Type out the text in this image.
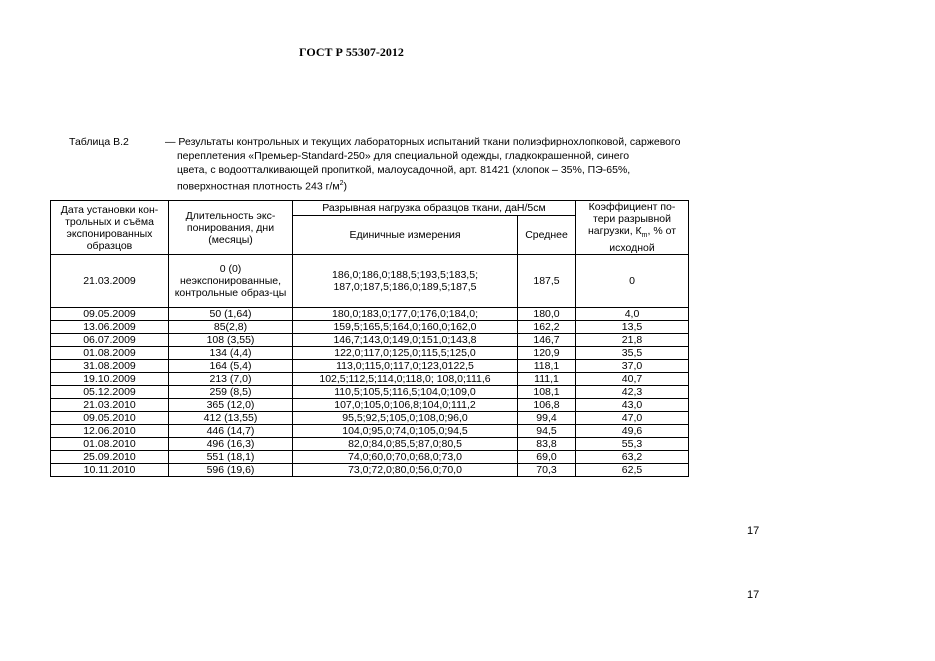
ГОСТ Р 55307-2012
Таблица В.2	— Результаты контрольных и текущих лабораторных испытаний ткани полиэфирнохлопковой, саржевого
переплетения «Премьер-Standard-250» для специальной одежды, гладкокрашенной, синего
цвета, с водоотталкивающей пропиткой, малоусадочной, арт. 81421 (хлопок – 35%, ПЭ-65%,
поверхностная плотность 243 $г/м^2$)
Дата установки кон-трольных и съёма экспонированных образцов	Длительность экс-понирования, дни (месяцы)	Разрывная нагрузка образцов ткани, даН/5см		Коэффициент по-тери разрывной нагрузки, $К_m$, % от исходной
		Единичные измерения	Среднее	
21.03.2009	0 (0) неэкспонированные, контрольные образ-цы	186,0;186,0;188,5;193,5;183,5; 187,0;187,5;186,0;189,5;187,5	187,5	0
09.05.2009	50 (1,64)	180,0;183,0;177,0;176,0;184,0;	180,0	4,0
13.06.2009	85(2,8)	159,5;165,5;164,0;160,0;162,0	162,2	13,5
06.07.2009	108 (3,55)	146,7;143,0;149,0;151,0;143,8	146,7	21,8
01.08.2009	134 (4,4)	122,0;117,0;125,0;115,5;125,0	120,9	35,5
31.08.2009	164 (5,4)	113,0;115,0;117,0;123,0122,5	118,1	37,0
19.10.2009	213 (7,0)	102,5;112,5;114,0;118,0; 108,0;111,6	111,1	40,7
05.12.2009	259 (8,5)	110,5;105,5;116,5;104,0;109,0	108,1	42,3
21.03.2010	365 (12,0)	107,0;105,0;106,8;104,0;111,2	106,8	43,0
09.05.2010	412 (13,55)	95,5;92,5;105,0;108,0;96,0	99,4	47,0
12.06.2010	446 (14,7)	104,0;95,0;74,0;105,0;94,5	94,5	49,6
01.08.2010	496 (16,3)	82,0;84,0;85,5;87,0;80,5	83,8	55,3
25.09.2010	551 (18,1)	74,0;60,0;70,0;68,0;73,0	69,0	63,2
10.11.2010	596 (19,6)	73,0;72,0;80,0;56,0;70,0	70,3	62,5
17
17
